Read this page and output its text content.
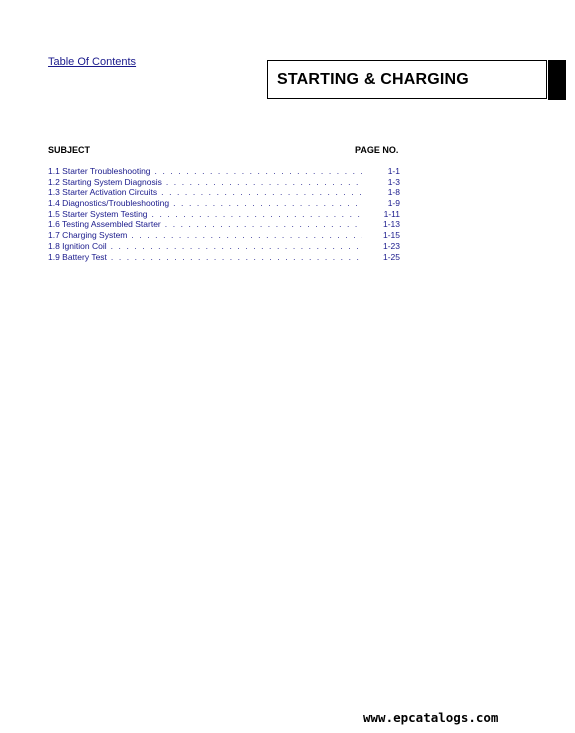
Table Of Contents
STARTING & CHARGING
SUBJECT	PAGE NO.
1.1 Starter Troubleshooting . . .	1-1
1.2 Starting System Diagnosis . . .	1-3
1.3 Starter Activation Circuits . . .	1-8
1.4 Diagnostics/Troubleshooting . . .	1-9
1.5 Starter System Testing . . .	1-11
1.6 Testing Assembled Starter . . .	1-13
1.7 Charging System . . .	1-15
1.8 Ignition Coil . . .	1-23
1.9 Battery Test . . .	1-25
www.epcatalogs.com
